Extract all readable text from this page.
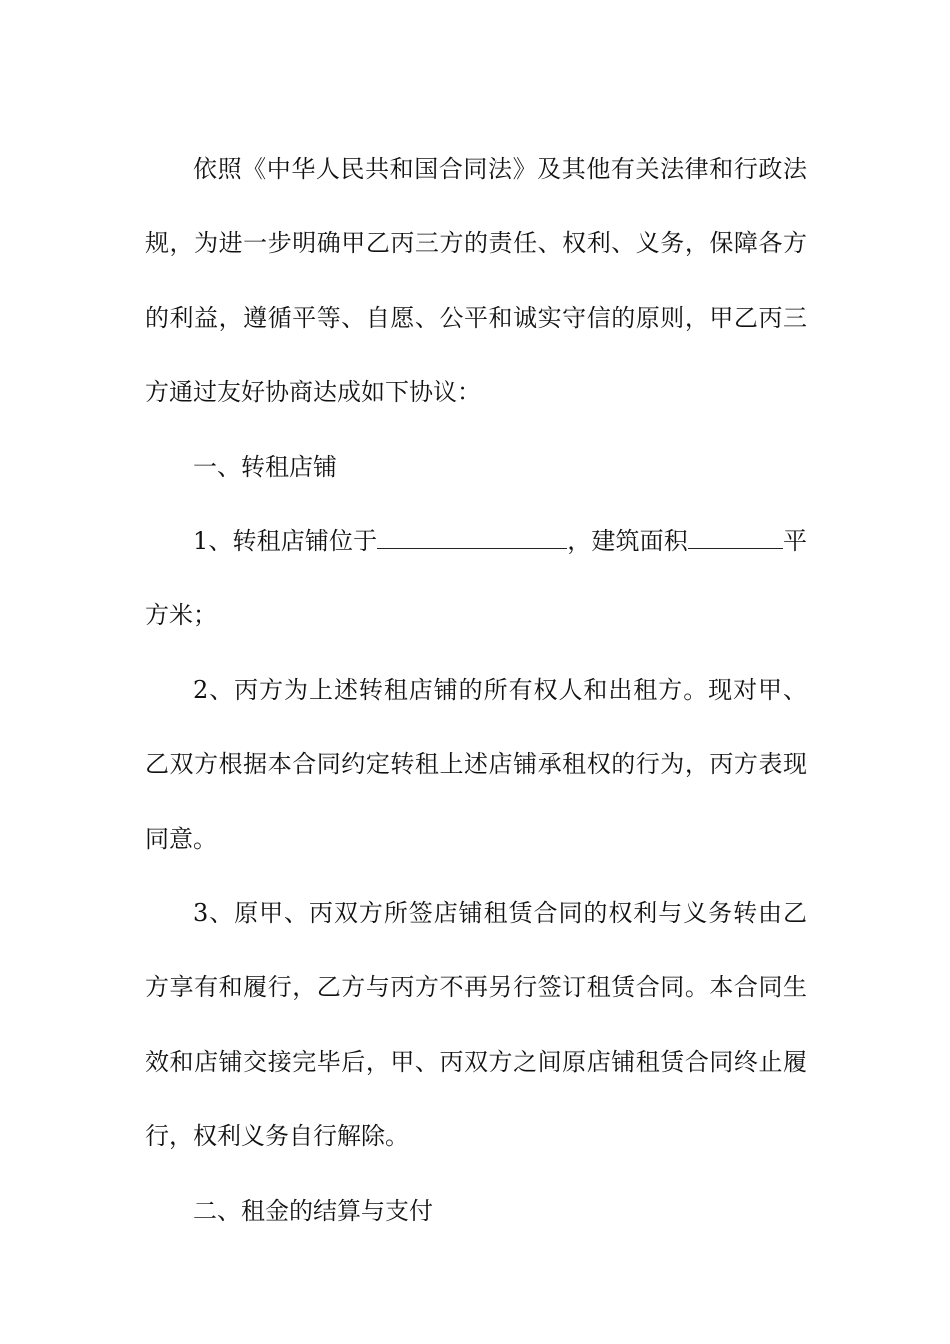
依照《中华人民共和国合同法》及其他有关法律和行政法规，为进一步明确甲乙丙三方的责任、权利、义务，保障各方的利益，遵循平等、自愿、公平和诚实守信的原则，甲乙丙三方通过友好协商达成如下协议：

一、转租店铺

1、转租店铺位于	，建筑面积	平方米；

2、丙方为上述转租店铺的所有权人和出租方。现对甲、乙双方根据本合同约定转租上述店铺承租权的行为，丙方表现同意。

3、原甲、丙双方所签店铺租赁合同的权利与义务转由乙方享有和履行，乙方与丙方不再另行签订租赁合同。本合同生效和店铺交接完毕后，甲、丙双方之间原店铺租赁合同终止履行，权利义务自行解除。

二、租金的结算与支付
